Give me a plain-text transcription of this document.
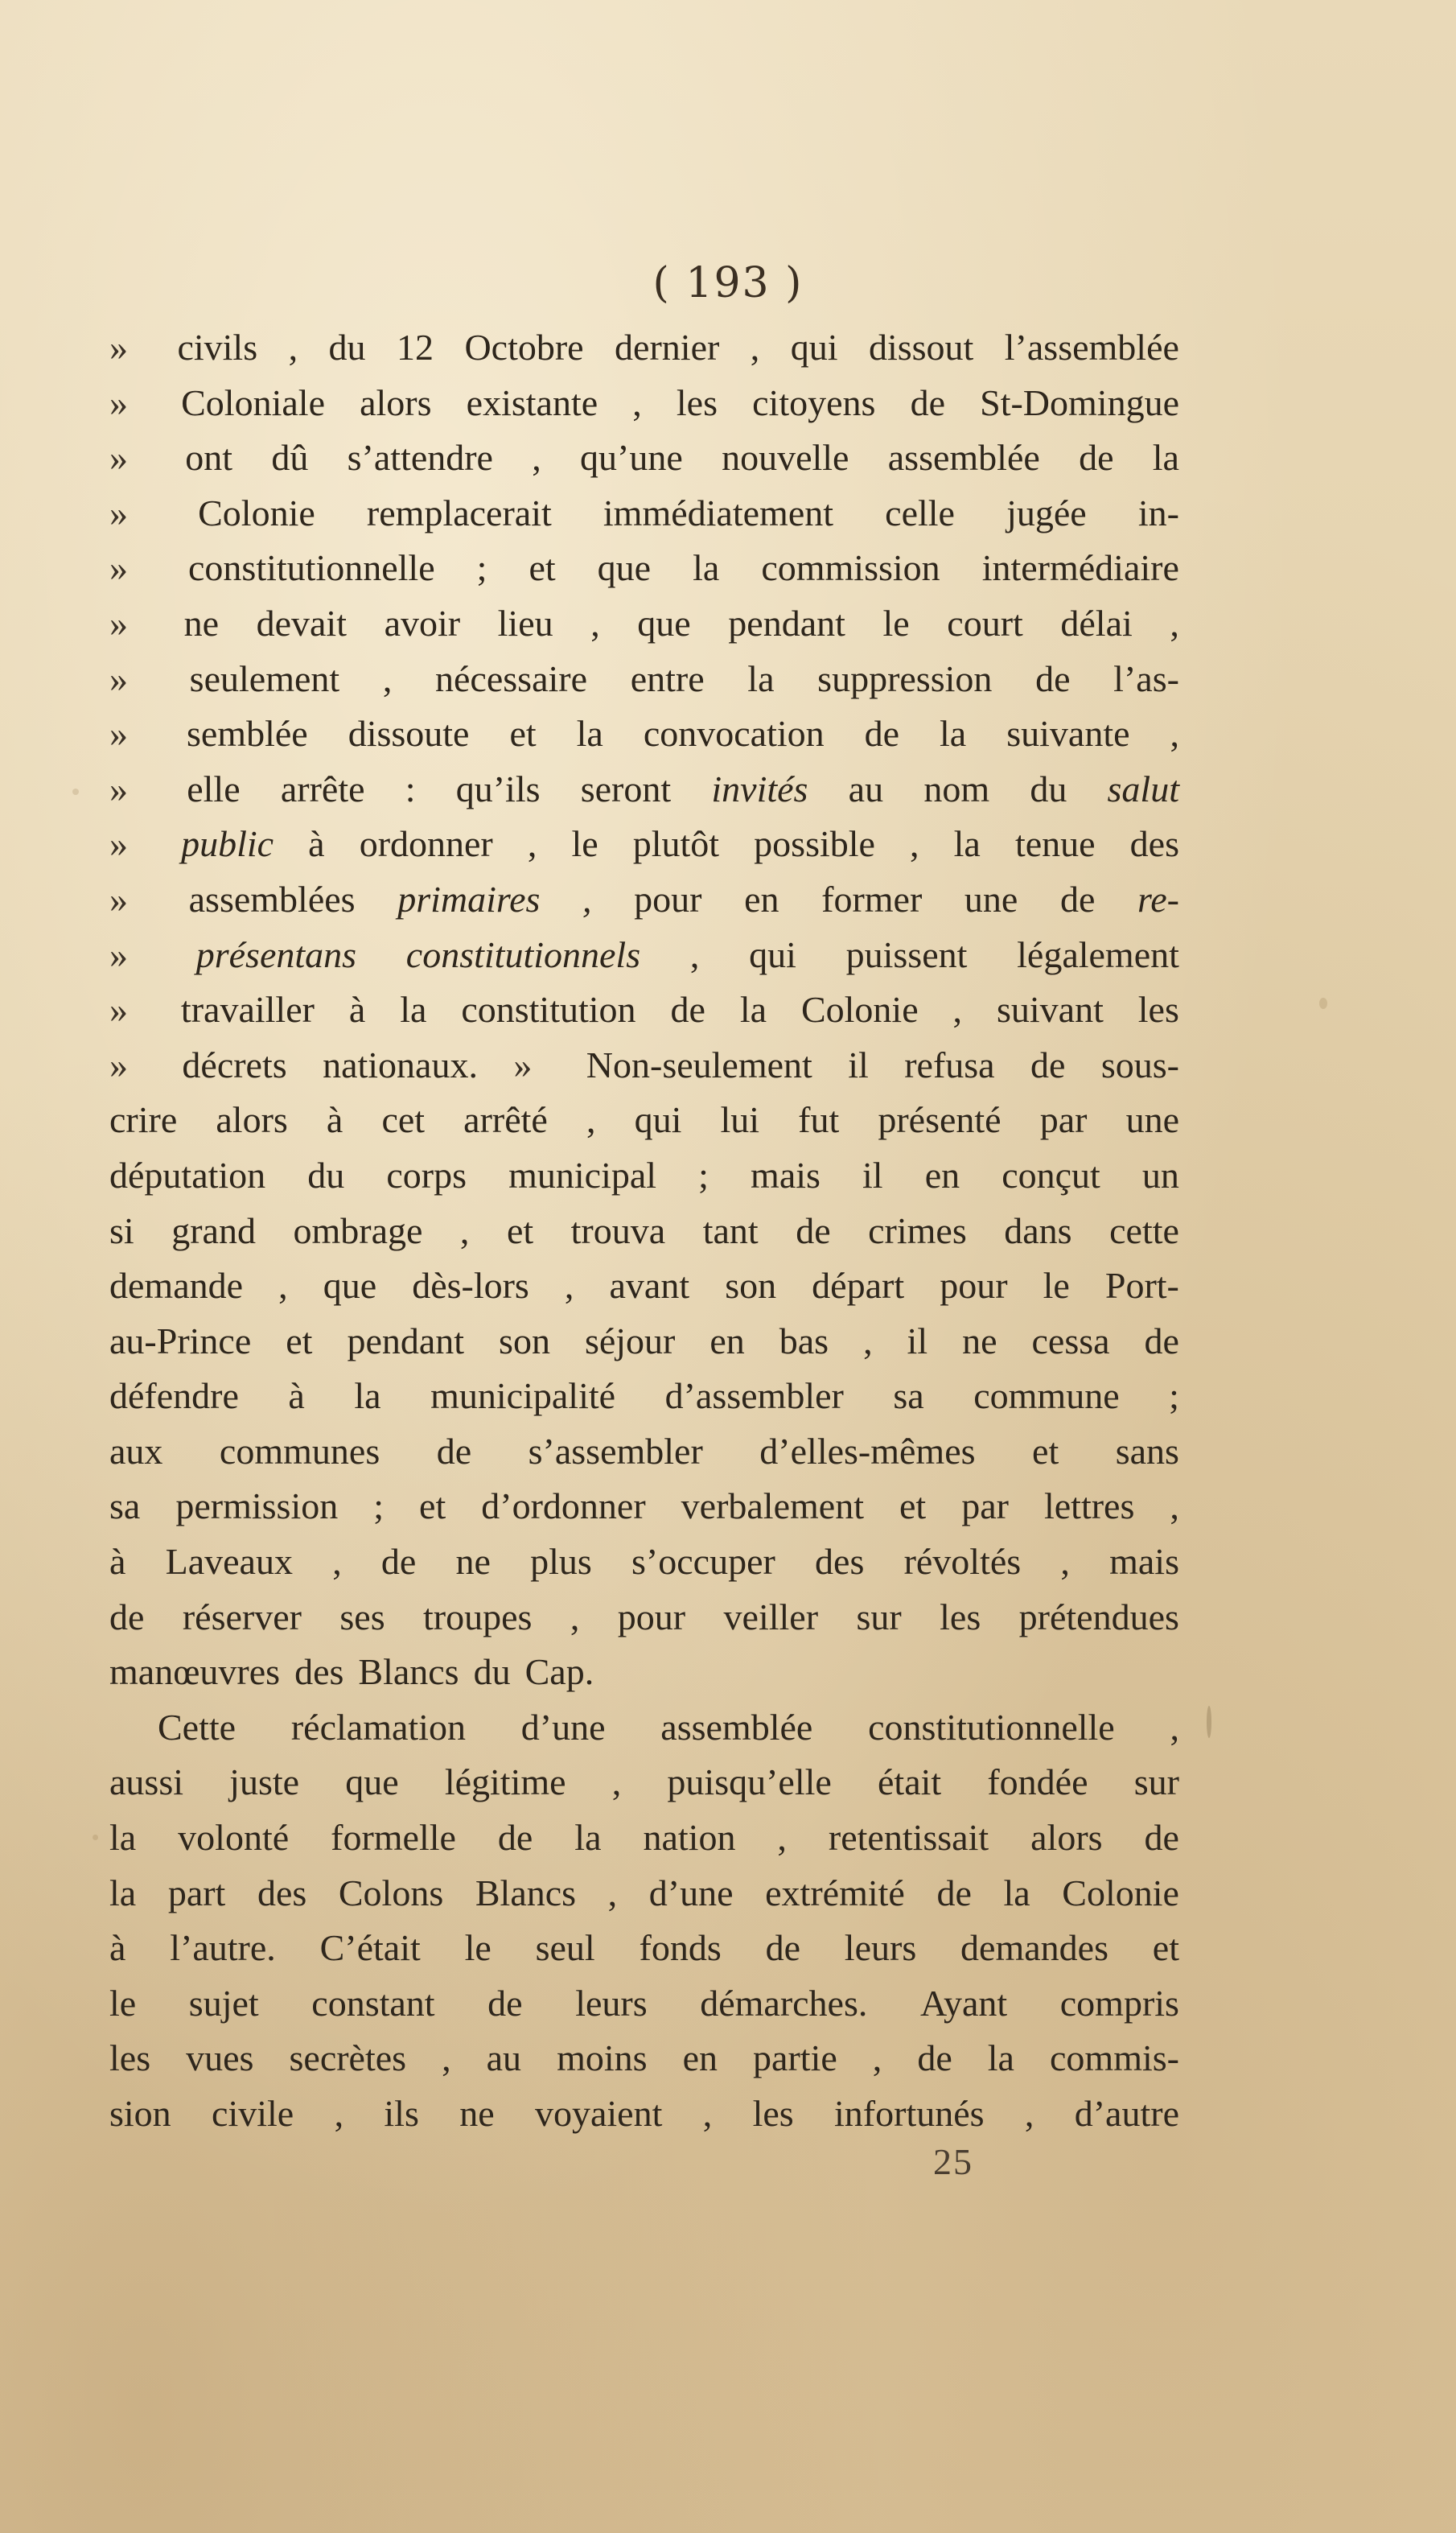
( 193 )
»	civils , du 12 Octobre dernier , qui dissout l’assemblée
»	Coloniale alors existante , les citoyens de St-Domingue
»	ont dû s’attendre , qu’une nouvelle assemblée de la
»	Colonie remplacerait immédiatement celle jugée in-
»	constitutionnelle ; et que la commission intermédiaire
»	ne devait avoir lieu , que pendant le court délai ,
»	seulement , nécessaire entre la suppression de l’as-
»	semblée dissoute et la convocation de la suivante ,
»	elle arrête : qu’ils seront invités au nom du salut
»	public à ordonner , le plutôt possible , la tenue des
»	assemblées primaires , pour en former une de re-
»	présentans constitutionnels , qui puissent légalement
»	travailler à la constitution de la Colonie , suivant les
»	décrets nationaux. »	Non-seulement il refusa de sous-
crire alors à cet arrêté , qui lui fut présenté par une
députation du corps municipal ; mais il en conçut un
si grand ombrage , et trouva tant de crimes dans cette
demande , que dès-lors , avant son départ pour le Port-
au-Prince et pendant son séjour en bas , il ne cessa de
défendre à la municipalité d’assembler sa commune ;
aux communes de s’assembler d’elles-mêmes et sans
sa permission ; et d’ordonner verbalement et par lettres ,
à Laveaux , de ne plus s’occuper des révoltés , mais
de réserver ses troupes , pour veiller sur les prétendues
manœuvres des Blancs du Cap.
Cette réclamation d’une assemblée constitutionnelle ,
aussi juste que légitime , puisqu’elle était fondée sur
la volonté formelle de la nation , retentissait alors de
la part des Colons Blancs , d’une extrémité de la Colonie
à l’autre. C’était le seul fonds de leurs demandes et
le sujet constant de leurs démarches. Ayant compris
les vues secrètes , au moins en partie , de la commis-
sion civile , ils ne voyaient , les infortunés , d’autre
25
